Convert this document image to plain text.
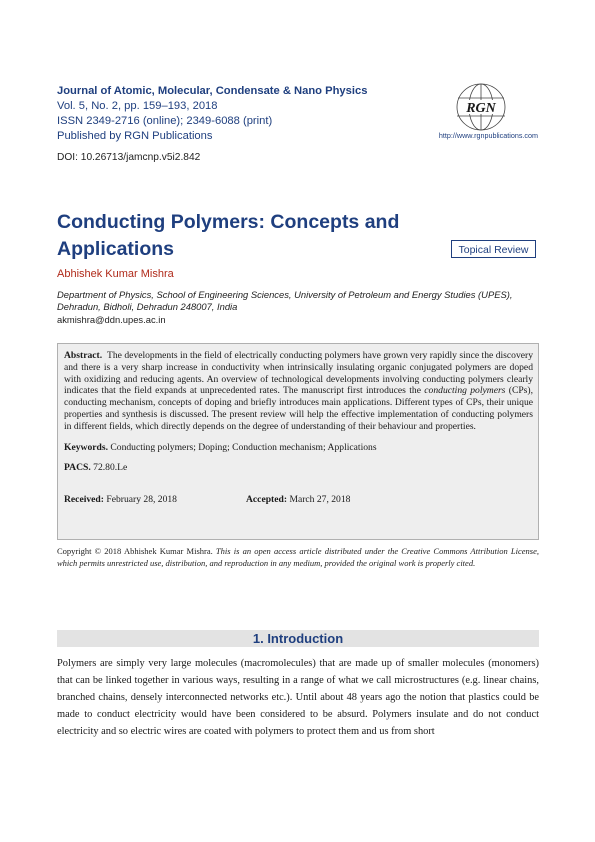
Journal of Atomic, Molecular, Condensate & Nano Physics
Vol. 5, No. 2, pp. 159–193, 2018
ISSN 2349-2716 (online); 2349-6088 (print)
Published by RGN Publications
DOI: 10.26713/jamcnp.v5i2.842
RGN
http://www.rgnpublications.com
Conducting Polymers: Concepts and Applications	Topical Review
Abhishek Kumar Mishra
Department of Physics, School of Engineering Sciences, University of Petroleum and Energy Studies (UPES), Dehradun, Bidholi, Dehradun 248007, India
akmishra@ddn.upes.ac.in

Abstract. The developments in the field of electrically conducting polymers have grown very rapidly since the discovery and there is a very sharp increase in conductivity when intrinsically insulating organic conjugated polymers are doped with oxidizing and reducing agents. An overview of technological developments involving conducting polymers clearly indicates that the field expands at unprecedented rates. The manuscript first introduces the conducting polymers (CPs), conducting mechanism, concepts of doping and briefly introduces main applications. Different types of CPs, their unique properties and synthesis is discussed. The present review will help the effective implementation of conducting polymers in different fields, which directly depends on the degree of understanding of their behaviour and properties.

Keywords. Conducting polymers; Doping; Conduction mechanism; Applications

PACS. 72.80.Le

Received: February 28, 2018	Accepted: March 27, 2018
Copyright © 2018 Abhishek Kumar Mishra. This is an open access article distributed under the Creative Commons Attribution License, which permits unrestricted use, distribution, and reproduction in any medium, provided the original work is properly cited.
1. Introduction

Polymers are simply very large molecules (macromolecules) that are made up of smaller molecules (monomers) that can be linked together in various ways, resulting in a range of what we call microstructures (e.g. linear chains, branched chains, densely interconnected networks etc.). Until about 48 years ago the notion that plastics could be made to conduct electricity would have been considered to be absurd. Polymers insulate and do not conduct electricity and so electric wires are coated with polymers to protect them and us from short
